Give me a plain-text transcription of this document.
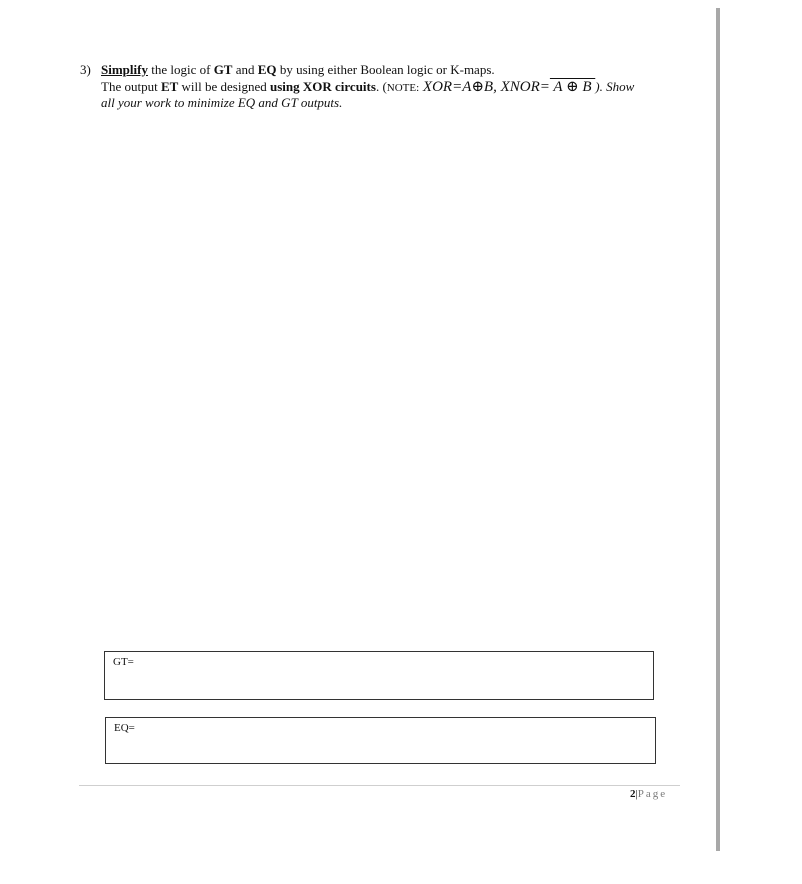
3) Simplify the logic of GT and EQ by using either Boolean logic or K-maps.
The output ET will be designed using XOR circuits. (NOTE: XOR=A⊕B, XNOR= A ⊕ B ). Show
all your work to minimize EQ and GT outputs.
GT=
EQ=
2|Page
